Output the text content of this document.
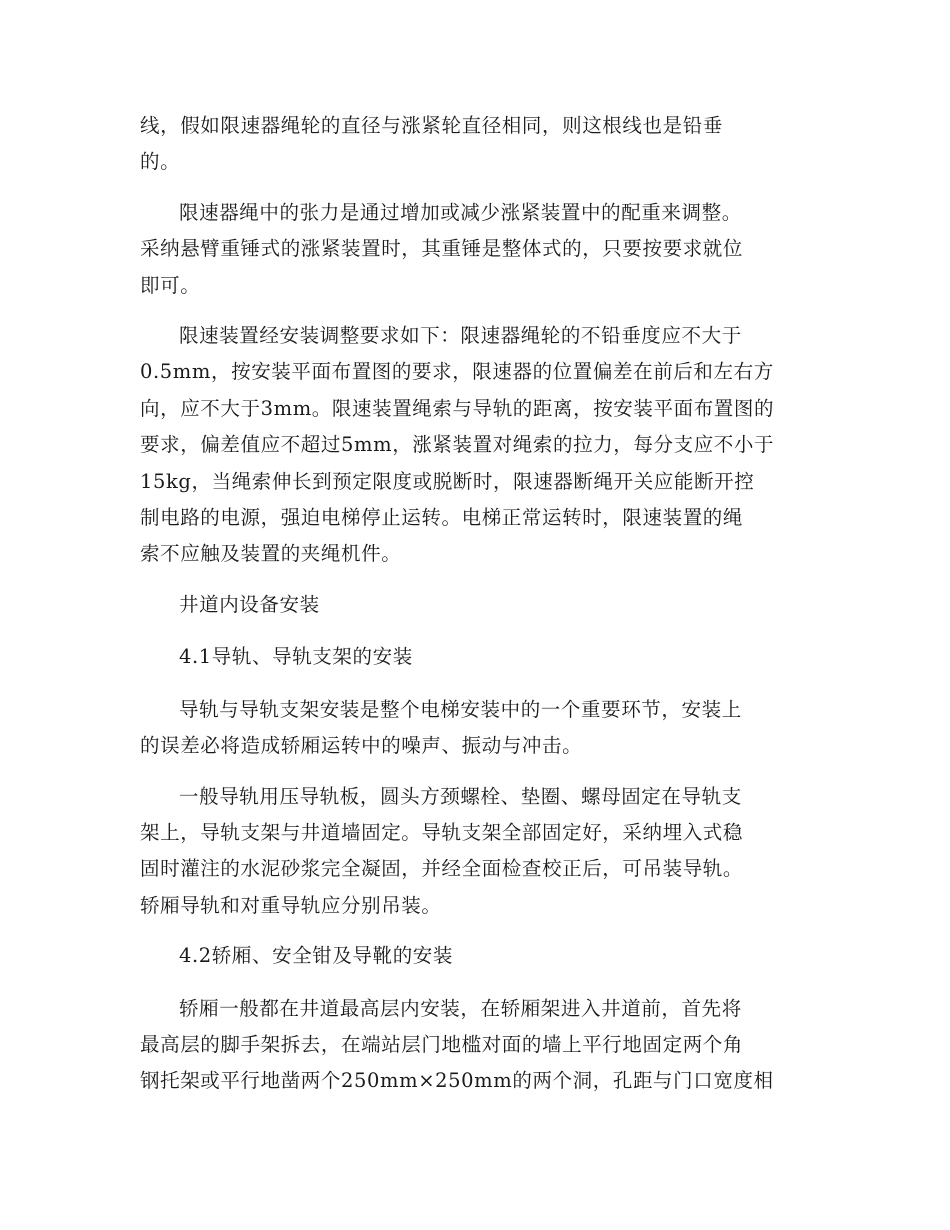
线，假如限速器绳轮的直径与涨紧轮直径相同，则这根线也是铅垂
的。
限速器绳中的张力是通过增加或减少涨紧装置中的配重来调整。
采纳悬臂重锤式的涨紧装置时，其重锤是整体式的，只要按要求就位
即可。
限速装置经安装调整要求如下：限速器绳轮的不铅垂度应不大于
0.5mm，按安装平面布置图的要求，限速器的位置偏差在前后和左右方
向，应不大于3mm。限速装置绳索与导轨的距离，按安装平面布置图的
要求，偏差值应不超过5mm，涨紧装置对绳索的拉力，每分支应不小于
15kg，当绳索伸长到预定限度或脱断时，限速器断绳开关应能断开控
制电路的电源，强迫电梯停止运转。电梯正常运转时，限速装置的绳
索不应触及装置的夹绳机件。
井道内设备安装
4.1导轨、导轨支架的安装
导轨与导轨支架安装是整个电梯安装中的一个重要环节，安装上
的误差必将造成轿厢运转中的噪声、振动与冲击。
一般导轨用压导轨板，圆头方颈螺栓、垫圈、螺母固定在导轨支
架上，导轨支架与井道墙固定。导轨支架全部固定好，采纳埋入式稳
固时灌注的水泥砂浆完全凝固，并经全面检查校正后，可吊装导轨。
轿厢导轨和对重导轨应分别吊装。
4.2轿厢、安全钳及导靴的安装
轿厢一般都在井道最高层内安装，在轿厢架进入井道前，首先将
最高层的脚手架拆去，在端站层门地槛对面的墙上平行地固定两个角
钢托架或平行地凿两个250mm×250mm的两个洞，孔距与门口宽度相
